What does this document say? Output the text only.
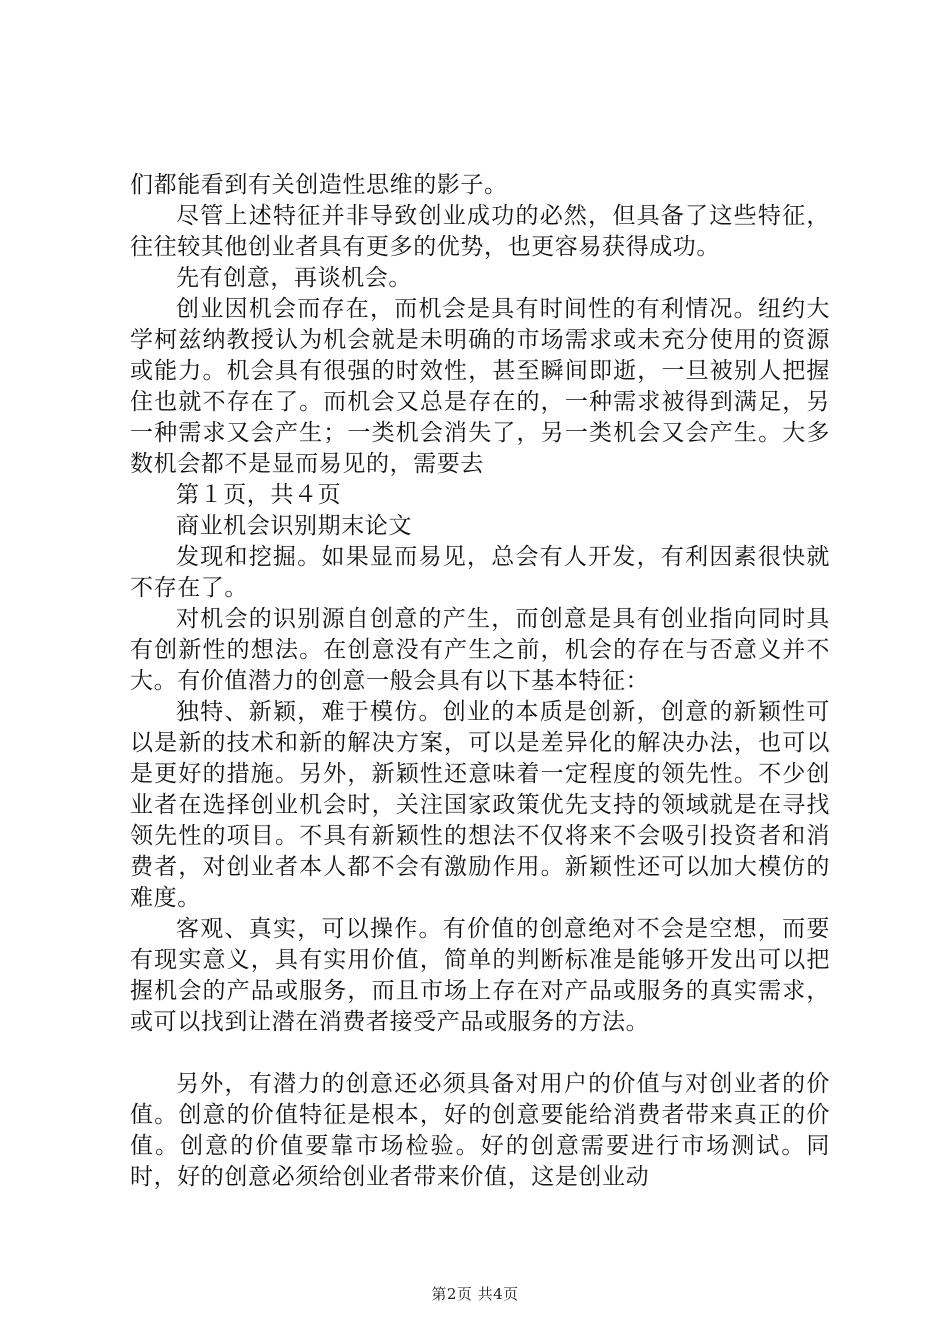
们都能看到有关创造性思维的影子。

尽管上述特征并非导致创业成功的必然，但具备了这些特征，往往较其他创业者具有更多的优势，也更容易获得成功。

先有创意，再谈机会。

创业因机会而存在，而机会是具有时间性的有利情况。纽约大学柯兹纳教授认为机会就是未明确的市场需求或未充分使用的资源或能力。机会具有很强的时效性，甚至瞬间即逝，一旦被别人把握住也就不存在了。而机会又总是存在的，一种需求被得到满足，另一种需求又会产生；一类机会消失了，另一类机会又会产生。大多数机会都不是显而易见的，需要去

第１页，共４页

商业机会识别期末论文

发现和挖掘。如果显而易见，总会有人开发，有利因素很快就不存在了。

对机会的识别源自创意的产生，而创意是具有创业指向同时具有创新性的想法。在创意没有产生之前，机会的存在与否意义并不大。有价值潜力的创意一般会具有以下基本特征：

独特、新颖，难于模仿。创业的本质是创新，创意的新颖性可以是新的技术和新的解决方案，可以是差异化的解决办法，也可以是更好的措施。另外，新颖性还意味着一定程度的领先性。不少创业者在选择创业机会时，关注国家政策优先支持的领域就是在寻找领先性的项目。不具有新颖性的想法不仅将来不会吸引投资者和消费者，对创业者本人都不会有激励作用。新颖性还可以加大模仿的难度。

客观、真实，可以操作。有价值的创意绝对不会是空想，而要有现实意义，具有实用价值，简单的判断标准是能够开发出可以把握机会的产品或服务，而且市场上存在对产品或服务的真实需求，或可以找到让潜在消费者接受产品或服务的方法。

另外，有潜力的创意还必须具备对用户的价值与对创业者的价值。创意的价值特征是根本，好的创意要能给消费者带来真正的价值。创意的价值要靠市场检验。好的创意需要进行市场测试。同时，好的创意必须给创业者带来价值，这是创业动

第2页 共4页
